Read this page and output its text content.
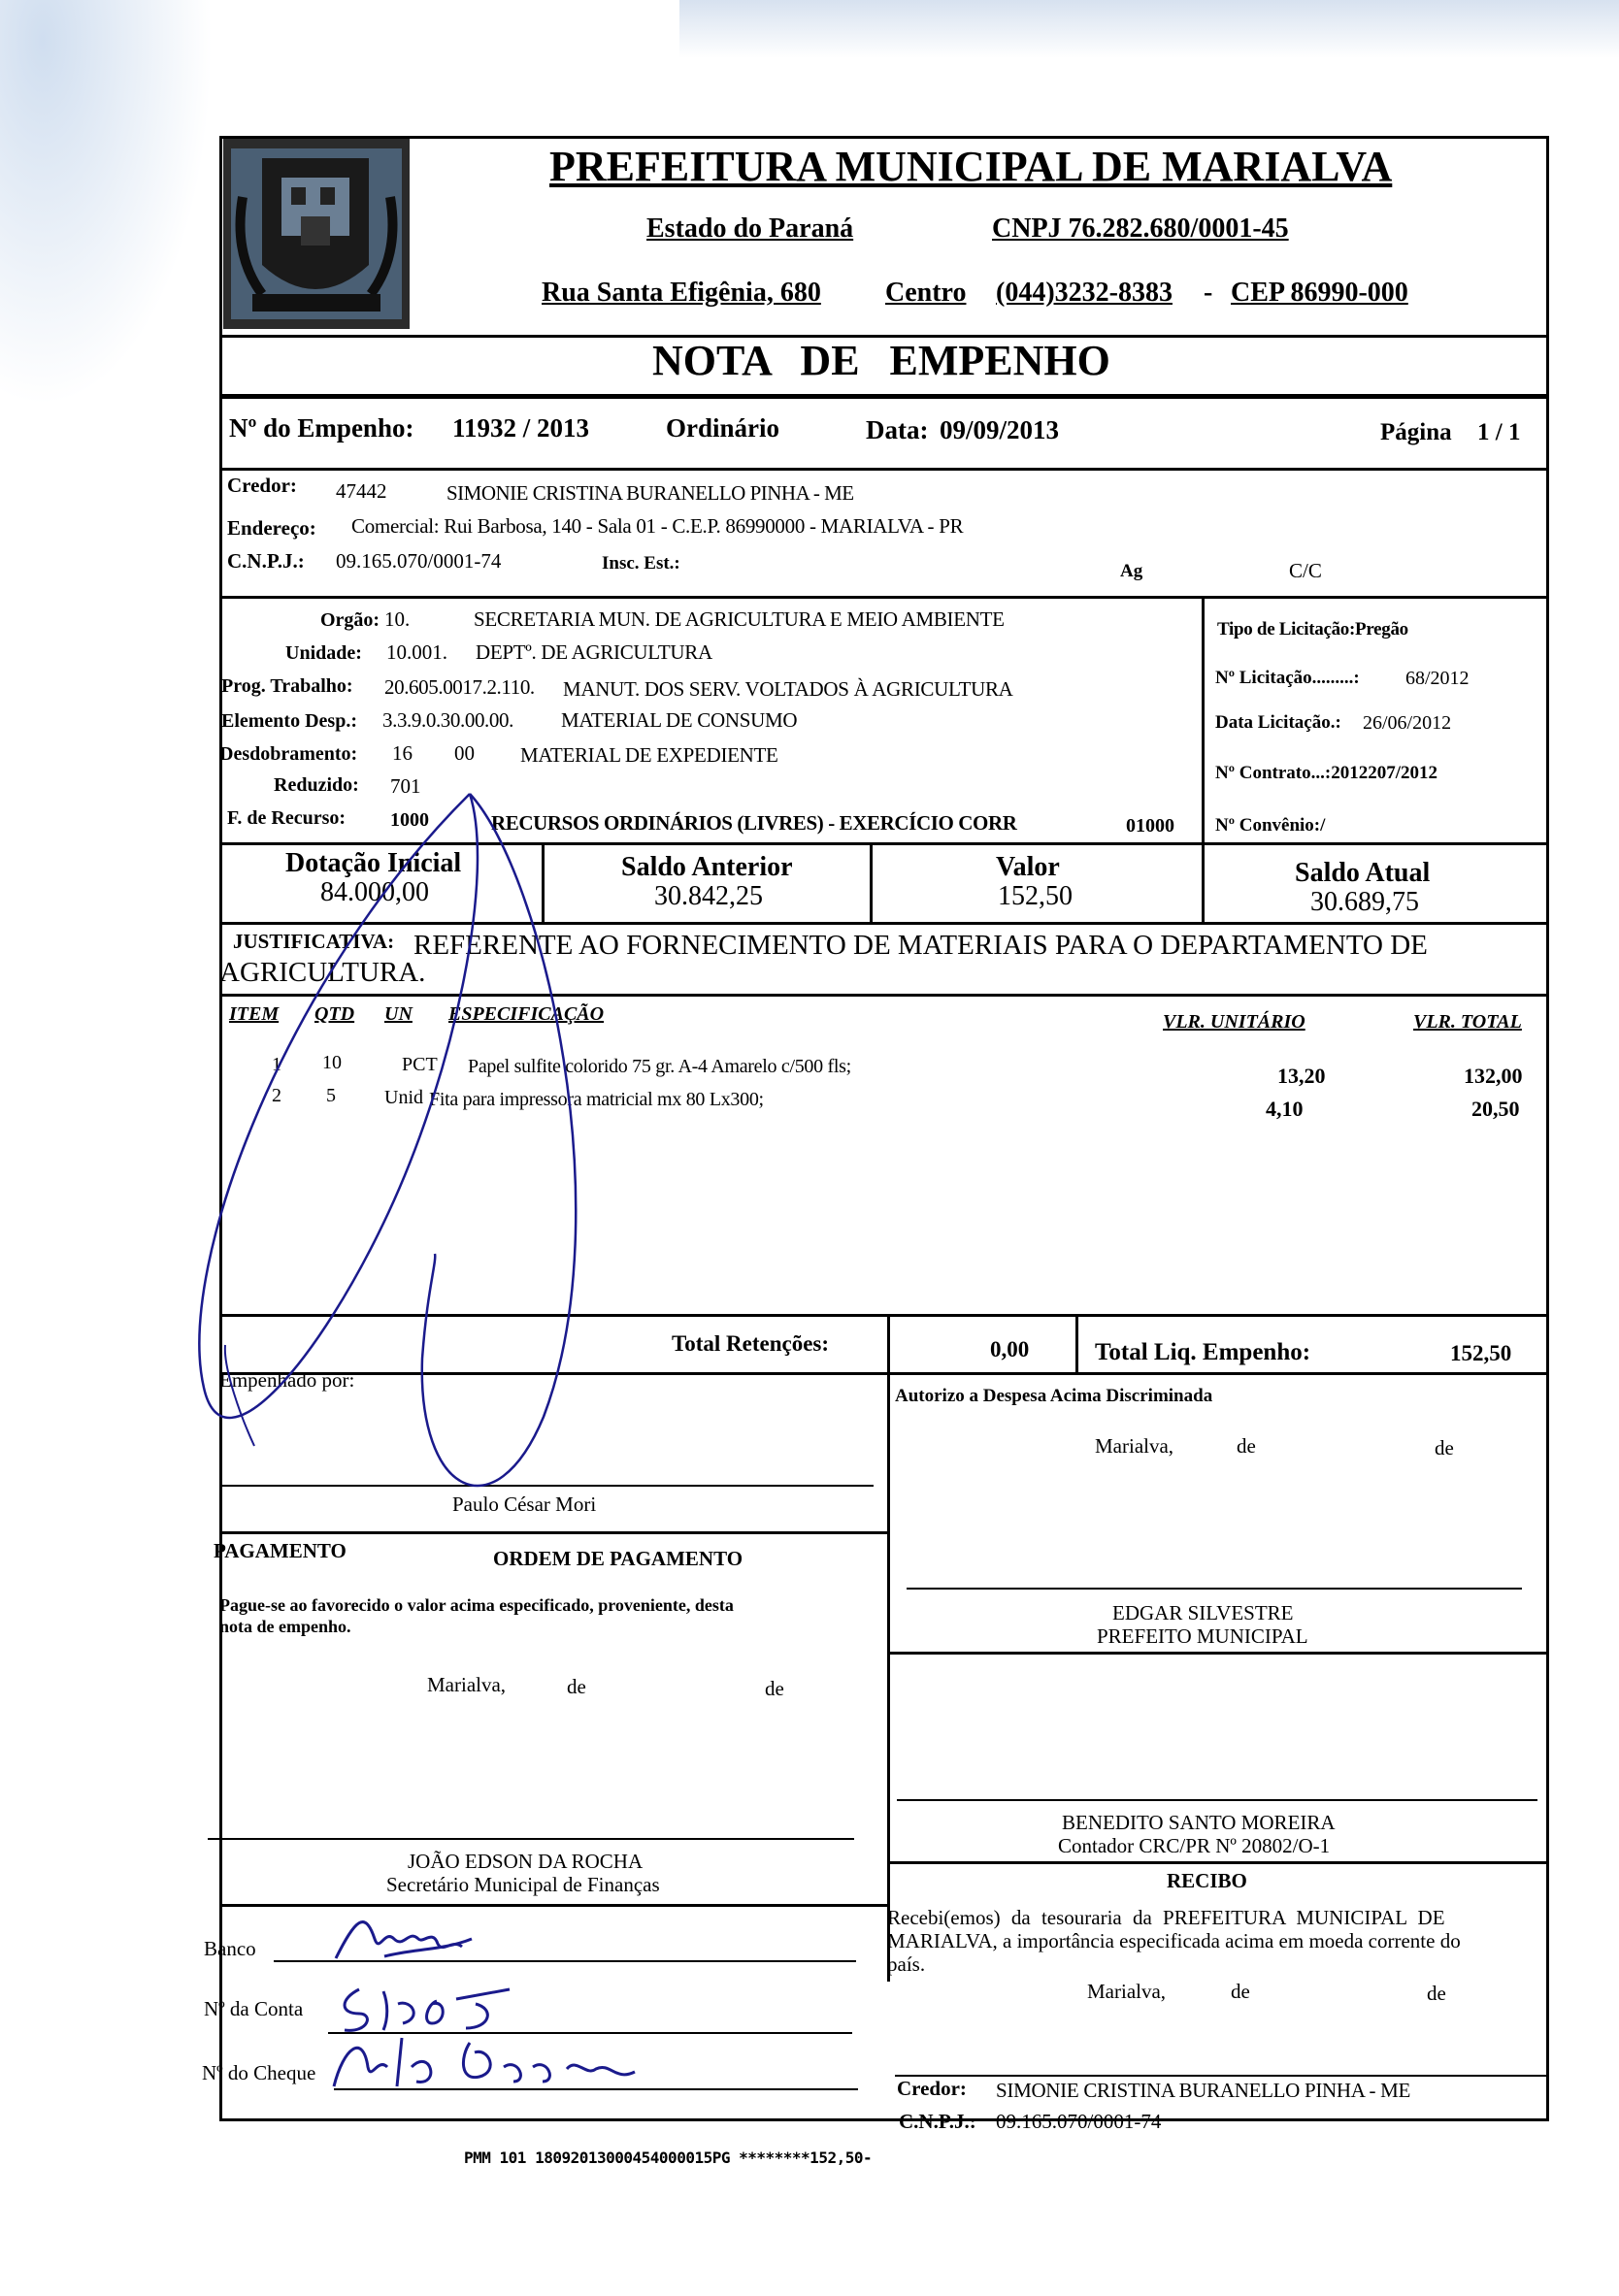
PREFEITURA MUNICIPAL DE MARIALVA
Estado do Paraná	CNPJ 76.282.680/0001-45
Rua Santa Efigênia, 680 Centro (044)3232-8383 - CEP 86990-000
NOTA DE EMPENHO
Nº do Empenho: 11932 / 2013	Ordinário	Data: 09/09/2013	Página 1 / 1
Credor: 47442	SIMONIE CRISTINA BURANELLO PINHA - ME
Endereço: Comercial: Rui Barbosa, 140 - Sala 01 - C.E.P. 86990000 - MARIALVA - PR
C.N.P.J.: 09.165.070/0001-74	Insc. Est.:	Ag	C/C
Orgão: 10.	SECRETARIA MUN. DE AGRICULTURA E MEIO AMBIENTE
Unidade: 10.001. DEPTº. DE AGRICULTURA
Prog. Trabalho: 20.605.0017.2.110. MANUT. DOS SERV. VOLTADOS À AGRICULTURA
Elemento Desp.: 3.3.9.0.30.00.00. MATERIAL DE CONSUMO
Desdobramento: 16 00 MATERIAL DE EXPEDIENTE
Reduzido: 701
F. de Recurso: 1000	RECURSOS ORDINÁRIOS (LIVRES) - EXERCÍCIO CORR	01000
Tipo de Licitação:Pregão
Nº Licitação.........: 68/2012
Data Licitação.: 26/06/2012
Nº Contrato...:2012207/2012
Nº Convênio:/
Dotação Inicial
84.000,00
Saldo Anterior
30.842,25
Valor
152,50
Saldo Atual
30.689,75
JUSTIFICATIVA: REFERENTE AO FORNECIMENTO DE MATERIAIS PARA O DEPARTAMENTO DE
AGRICULTURA.
ITEM QTD UN ESPECIFICAÇÃO	VLR. UNITÁRIO	VLR. TOTAL
1 10	PCT Papel sulfite colorido 75 gr. A-4 Amarelo c/500 fls;	13,20	132,00
2 5	Unid Fita para impressora matricial mx 80 Lx300;	4,10	20,50
Total Retenções:	0,00	Total Liq. Empenho:	152,50
Empenhado por:
Paulo César Mori
Autorizo a Despesa Acima Discriminada
Marialva,	de	de
EDGAR SILVESTRE
PREFEITO MUNICIPAL
PAGAMENTO	ORDEM DE PAGAMENTO
Pague-se ao favorecido o valor acima especificado, proveniente, desta
nota de empenho.
Marialva,	de	de
JOÃO EDSON DA ROCHA
Secretário Municipal de Finanças
BENEDITO SANTO MOREIRA
Contador CRC/PR Nº 20802/O-1
RECIBO
Recebi(emos) da tesouraria da PREFEITURA MUNICIPAL DE
MARIALVA, a importância especificada acima em moeda corrente do
país.
Marialva,	de	de
Banco
Nº da Conta
Nº do Cheque
Credor: SIMONIE CRISTINA BURANELLO PINHA - ME
C.N.P.J.: 09.165.070/0001-74
PMM 101 18092013000454000015PG ********152,50-
